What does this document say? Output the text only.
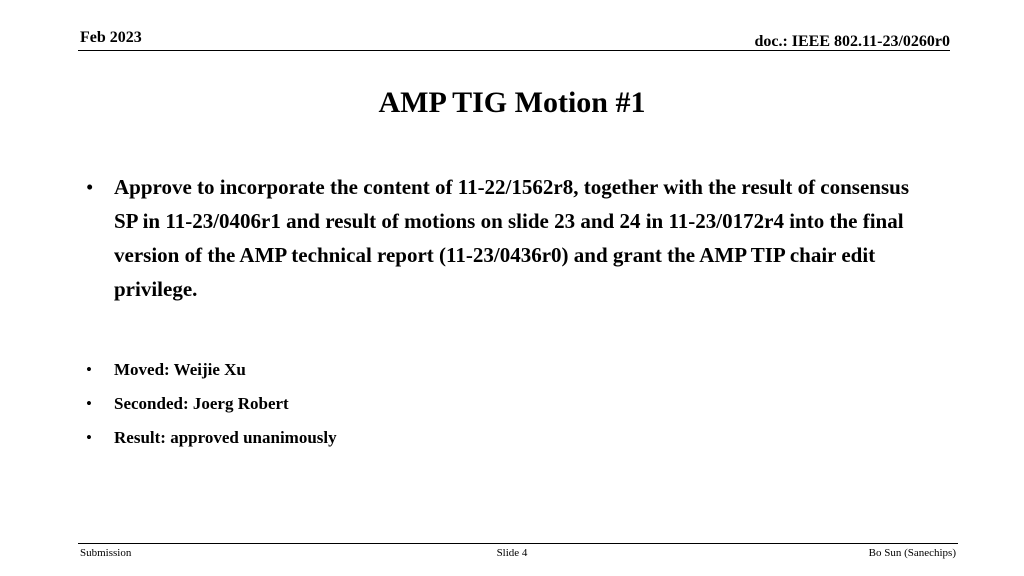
Feb 2023	doc.: IEEE 802.11-23/0260r0
AMP TIG Motion #1
• Approve to incorporate the content of 11-22/1562r8, together with the result of consensus SP in 11-23/0406r1 and result of motions on slide 23 and 24 in 11-23/0172r4 into the final version of the AMP technical report (11-23/0436r0) and grant the AMP TIP chair edit privilege.
• Moved: Weijie Xu
• Seconded: Joerg Robert
• Result: approved unanimously
Submission	Slide 4	Bo Sun (Sanechips)
